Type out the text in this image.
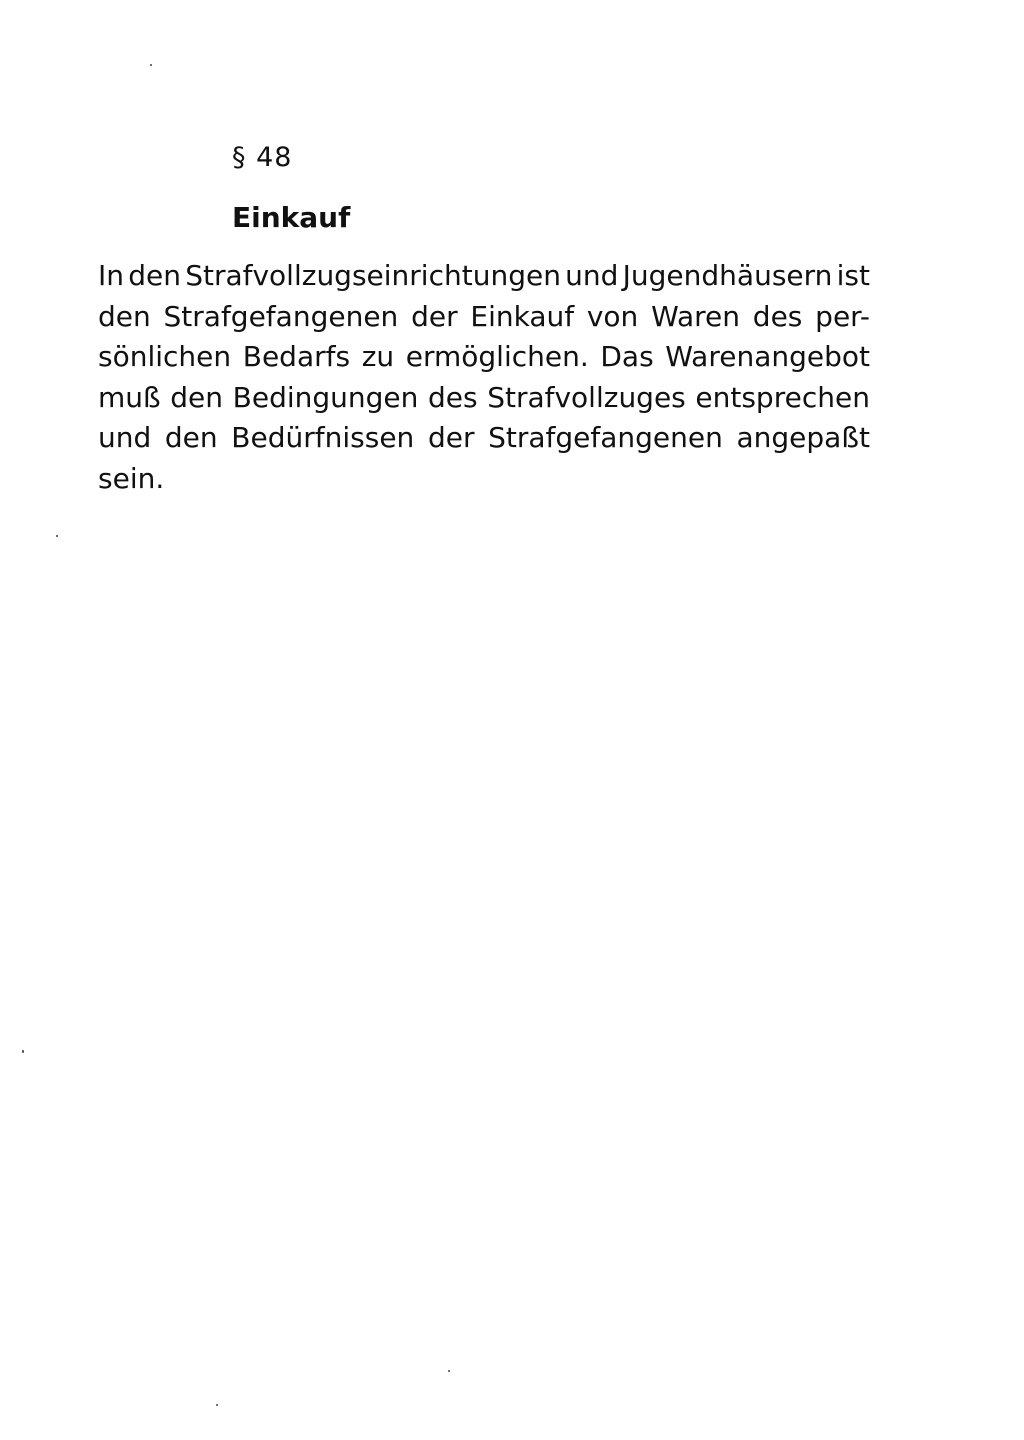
§ 48
Einkauf
In den Strafvollzugseinrichtungen und Jugendhäusern ist
den Strafgefangenen der Einkauf von Waren des per-
sönlichen Bedarfs zu ermöglichen. Das Warenangebot
muß den Bedingungen des Strafvollzuges entsprechen
und den Bedürfnissen der Strafgefangenen angepaßt
sein.
